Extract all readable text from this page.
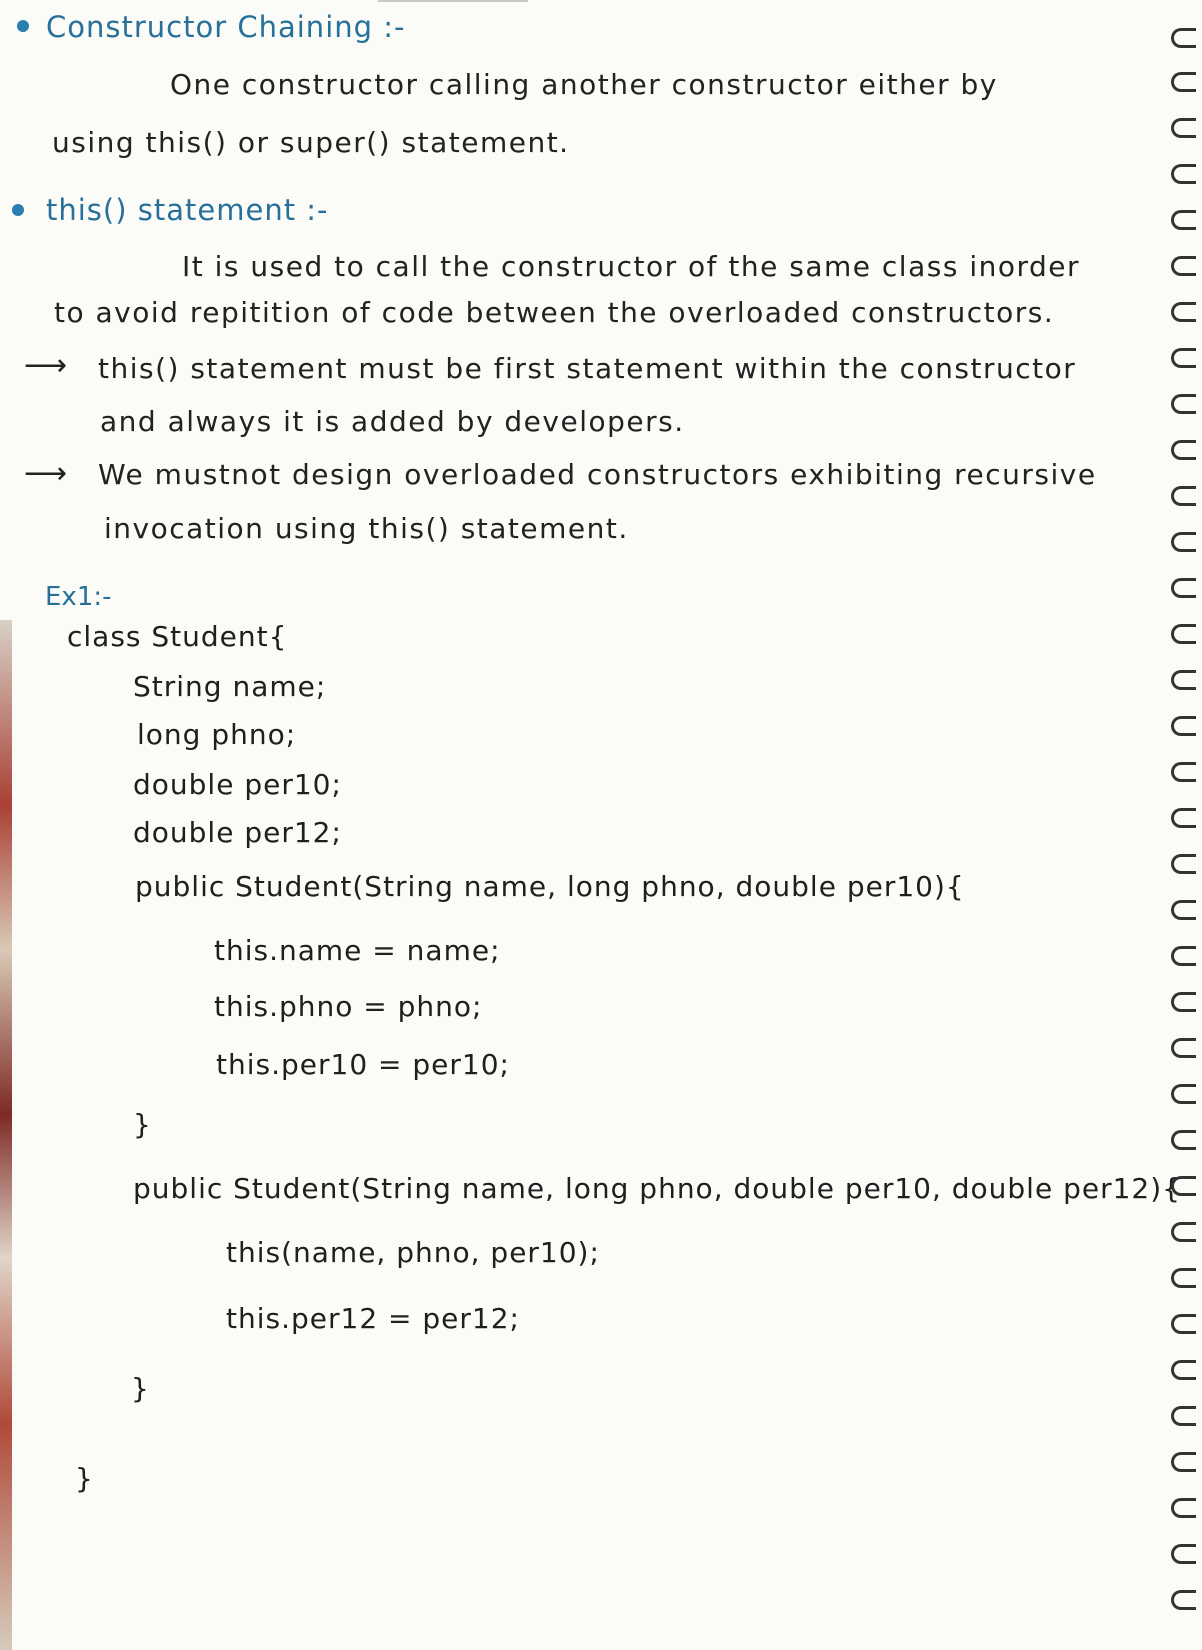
Constructor Chaining :-
One constructor calling another constructor either by
using this() or super() statement.
this() statement :-
It is used to call the constructor of the same class inorder
to avoid repitition of code between the overloaded constructors.
⟶ this() statement must be first statement within the constructor
and always it is added by developers.
⟶ We mustnot design overloaded constructors exhibiting recursive
invocation using this() statement.
Ex1:-
class Student{
String name;
long phno;
double per10;
double per12;
public Student(String name, long phno, double per10){
this.name = name;
this.phno = phno;
this.per10 = per10;
}
public Student(String name, long phno, double per10, double per12){
this(name, phno, per10);
this.per12 = per12;
}
}
